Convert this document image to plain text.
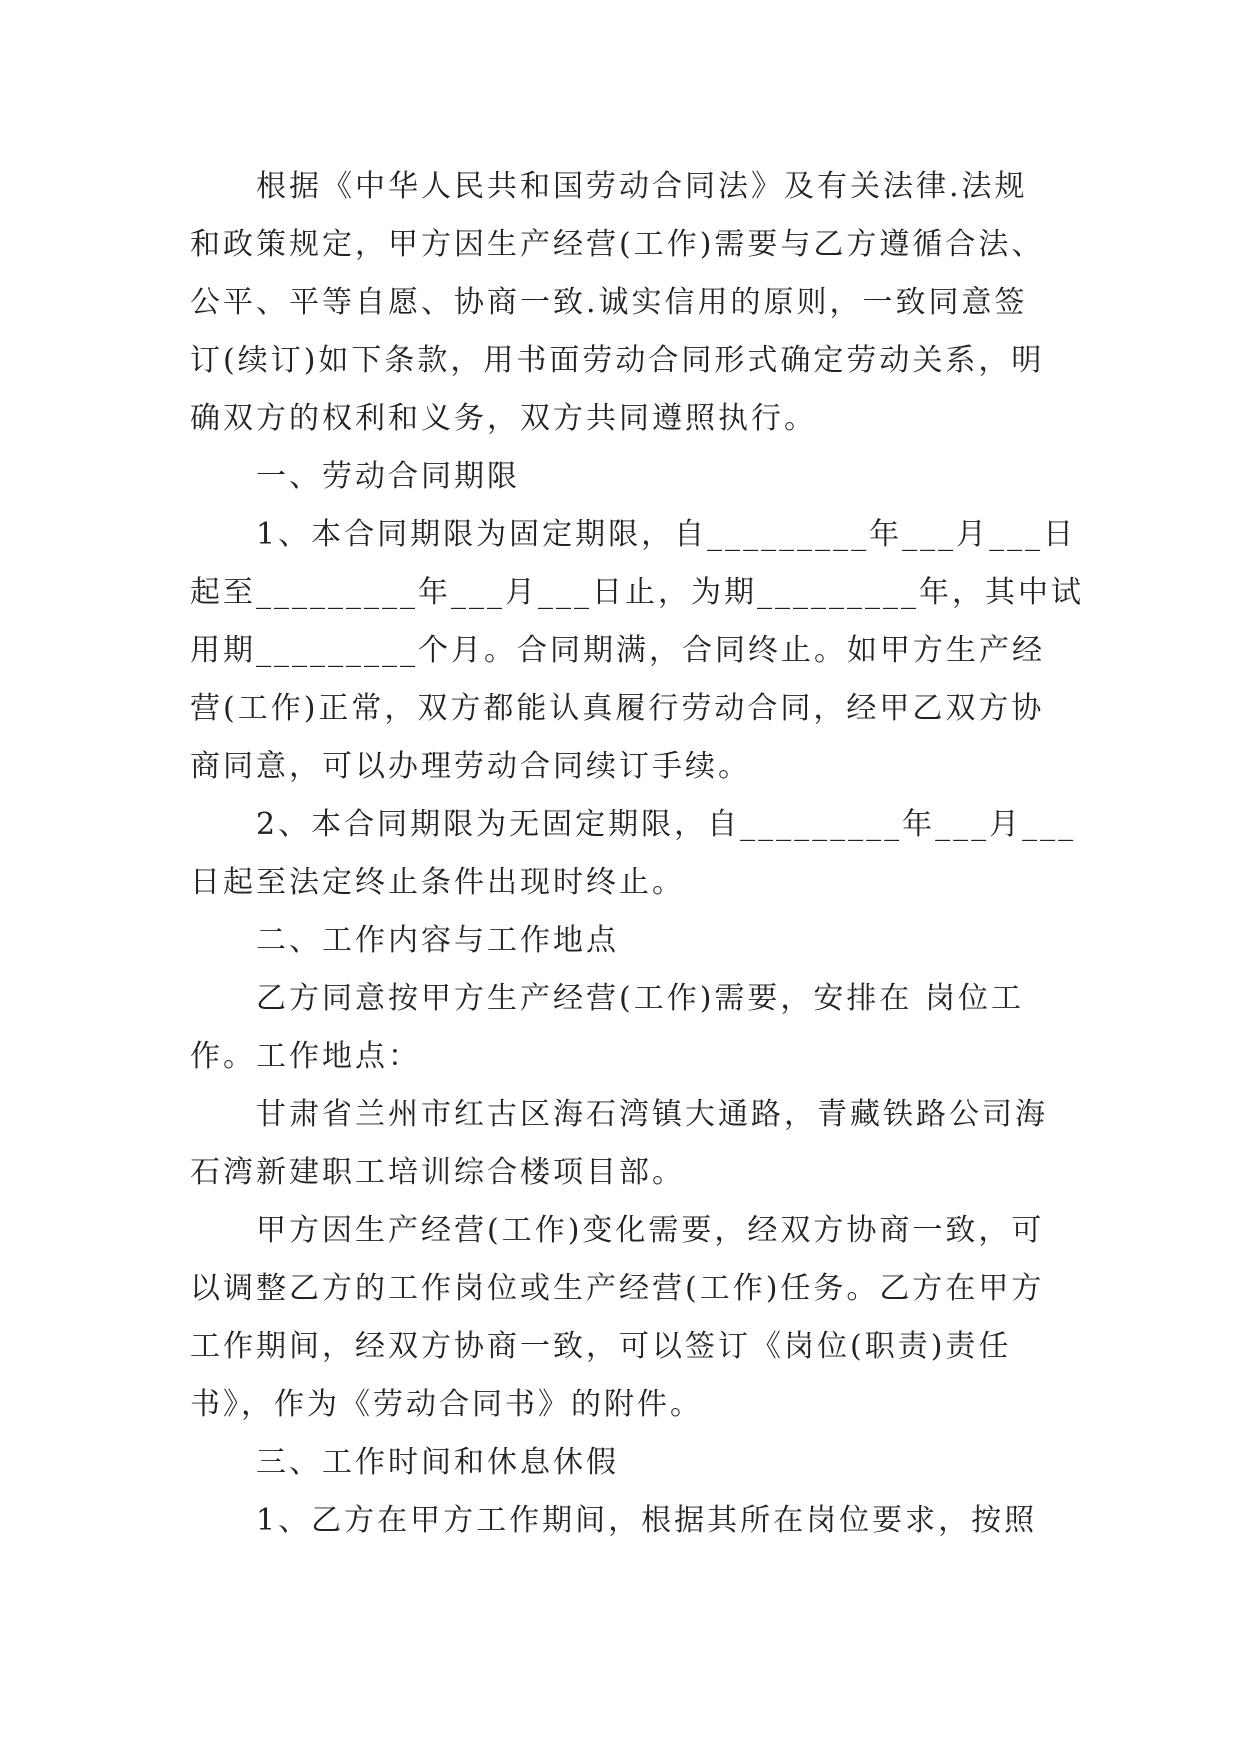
根据《中华人民共和国劳动合同法》及有关法律.法规
和政策规定，甲方因生产经营(工作)需要与乙方遵循合法、
公平、平等自愿、协商一致.诚实信用的原则，一致同意签
订(续订)如下条款，用书面劳动合同形式确定劳动关系，明
确双方的权利和义务，双方共同遵照执行。
一、劳动合同期限
1、本合同期限为固定期限，自_________年___月___日
起至_________年___月___日止，为期_________年，其中试
用期_________个月。合同期满，合同终止。如甲方生产经
营(工作)正常，双方都能认真履行劳动合同，经甲乙双方协
商同意，可以办理劳动合同续订手续。
2、本合同期限为无固定期限，自_________年___月___
日起至法定终止条件出现时终止。
二、工作内容与工作地点
乙方同意按甲方生产经营(工作)需要，安排在 岗位工
作。工作地点：
甘肃省兰州市红古区海石湾镇大通路，青藏铁路公司海
石湾新建职工培训综合楼项目部。
甲方因生产经营(工作)变化需要，经双方协商一致，可
以调整乙方的工作岗位或生产经营(工作)任务。乙方在甲方
工作期间，经双方协商一致，可以签订《岗位(职责)责任
书》，作为《劳动合同书》的附件。
三、工作时间和休息休假
1、乙方在甲方工作期间，根据其所在岗位要求，按照
